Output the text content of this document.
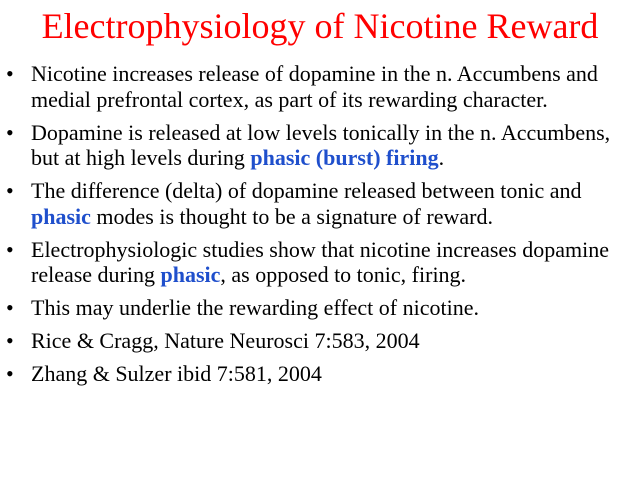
Electrophysiology of Nicotine Reward
• Nicotine increases release of dopamine in the n. Accumbens and medial prefrontal cortex, as part of its rewarding character.
• Dopamine is released at low levels tonically in the n. Accumbens, but at high levels during phasic (burst) firing.
• The difference (delta) of dopamine released between tonic and phasic modes is thought to be a signature of reward.
• Electrophysiologic studies show that nicotine increases dopamine release during phasic, as opposed to tonic, firing.
• This may underlie the rewarding effect of nicotine.
• Rice & Cragg, Nature Neurosci 7:583, 2004
• Zhang & Sulzer ibid 7:581, 2004
